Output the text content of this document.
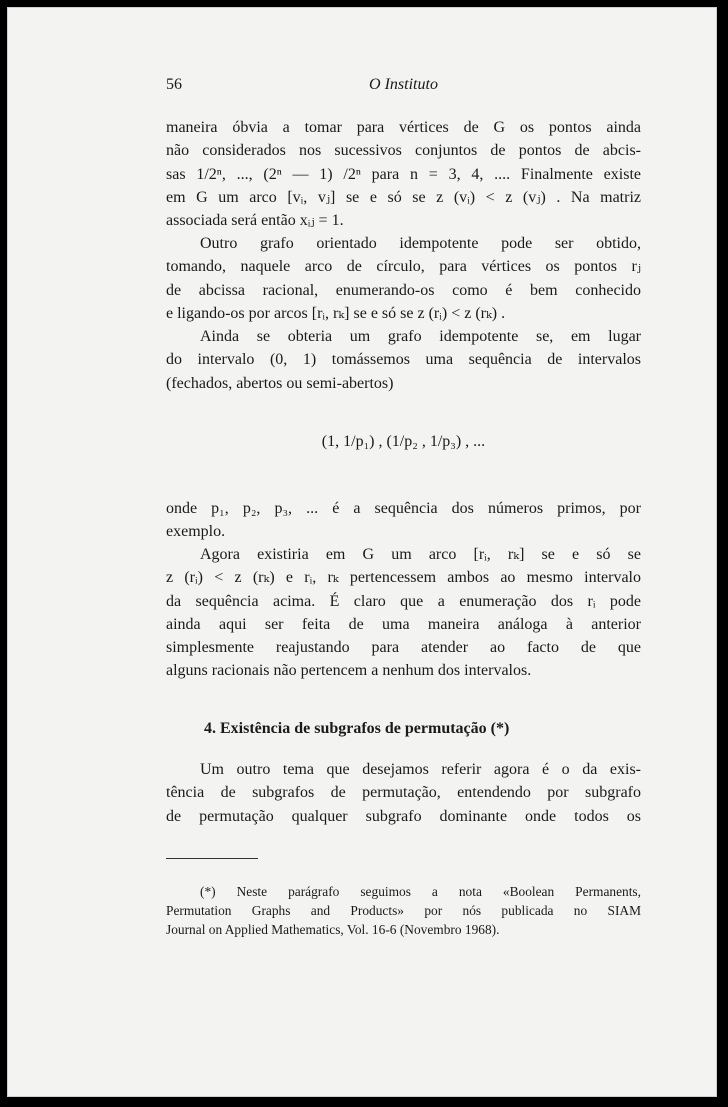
56	O Instituto
maneira óbvia a tomar para vértices de G os pontos ainda
não considerados nos sucessivos conjuntos de pontos de abcis-
sas 1/2ⁿ, ..., (2ⁿ — 1) /2ⁿ para n = 3, 4, .... Finalmente existe
em G um arco [vᵢ, vⱼ] se e só se z (vᵢ) < z (vⱼ) . Na matriz
associada será então xᵢⱼ = 1.
Outro grafo orientado idempotente pode ser obtido,
tomando, naquele arco de círculo, para vértices os pontos rⱼ
de abcissa racional, enumerando-os como é bem conhecido
e ligando-os por arcos [rᵢ, rₖ] se e só se z (rᵢ) < z (rₖ) .
Ainda se obteria um grafo idempotente se, em lugar
do intervalo (0, 1) tomássemos uma sequência de intervalos
(fechados, abertos ou semi-abertos)
(1, 1/p₁) , (1/p₂ , 1/p₃) , ...
onde p₁, p₂, p₃, ... é a sequência dos números primos, por
exemplo.
Agora existiria em G um arco [rᵢ, rₖ] se e só se
z (rᵢ) < z (rₖ) e rᵢ, rₖ pertencessem ambos ao mesmo intervalo
da sequência acima. É claro que a enumeração dos rᵢ pode
ainda aqui ser feita de uma maneira análoga à anterior
simplesmente reajustando para atender ao facto de que
alguns racionais não pertencem a nenhum dos intervalos.
4. Existência de subgrafos de permutação (*)
Um outro tema que desejamos referir agora é o da exis-
tência de subgrafos de permutação, entendendo por subgrafo
de permutação qualquer subgrafo dominante onde todos os
(*) Neste parágrafo seguimos a nota «Boolean Permanents,
Permutation Graphs and Products» por nós publicada no SIAM
Journal on Applied Mathematics, Vol. 16-6 (Novembro 1968).
